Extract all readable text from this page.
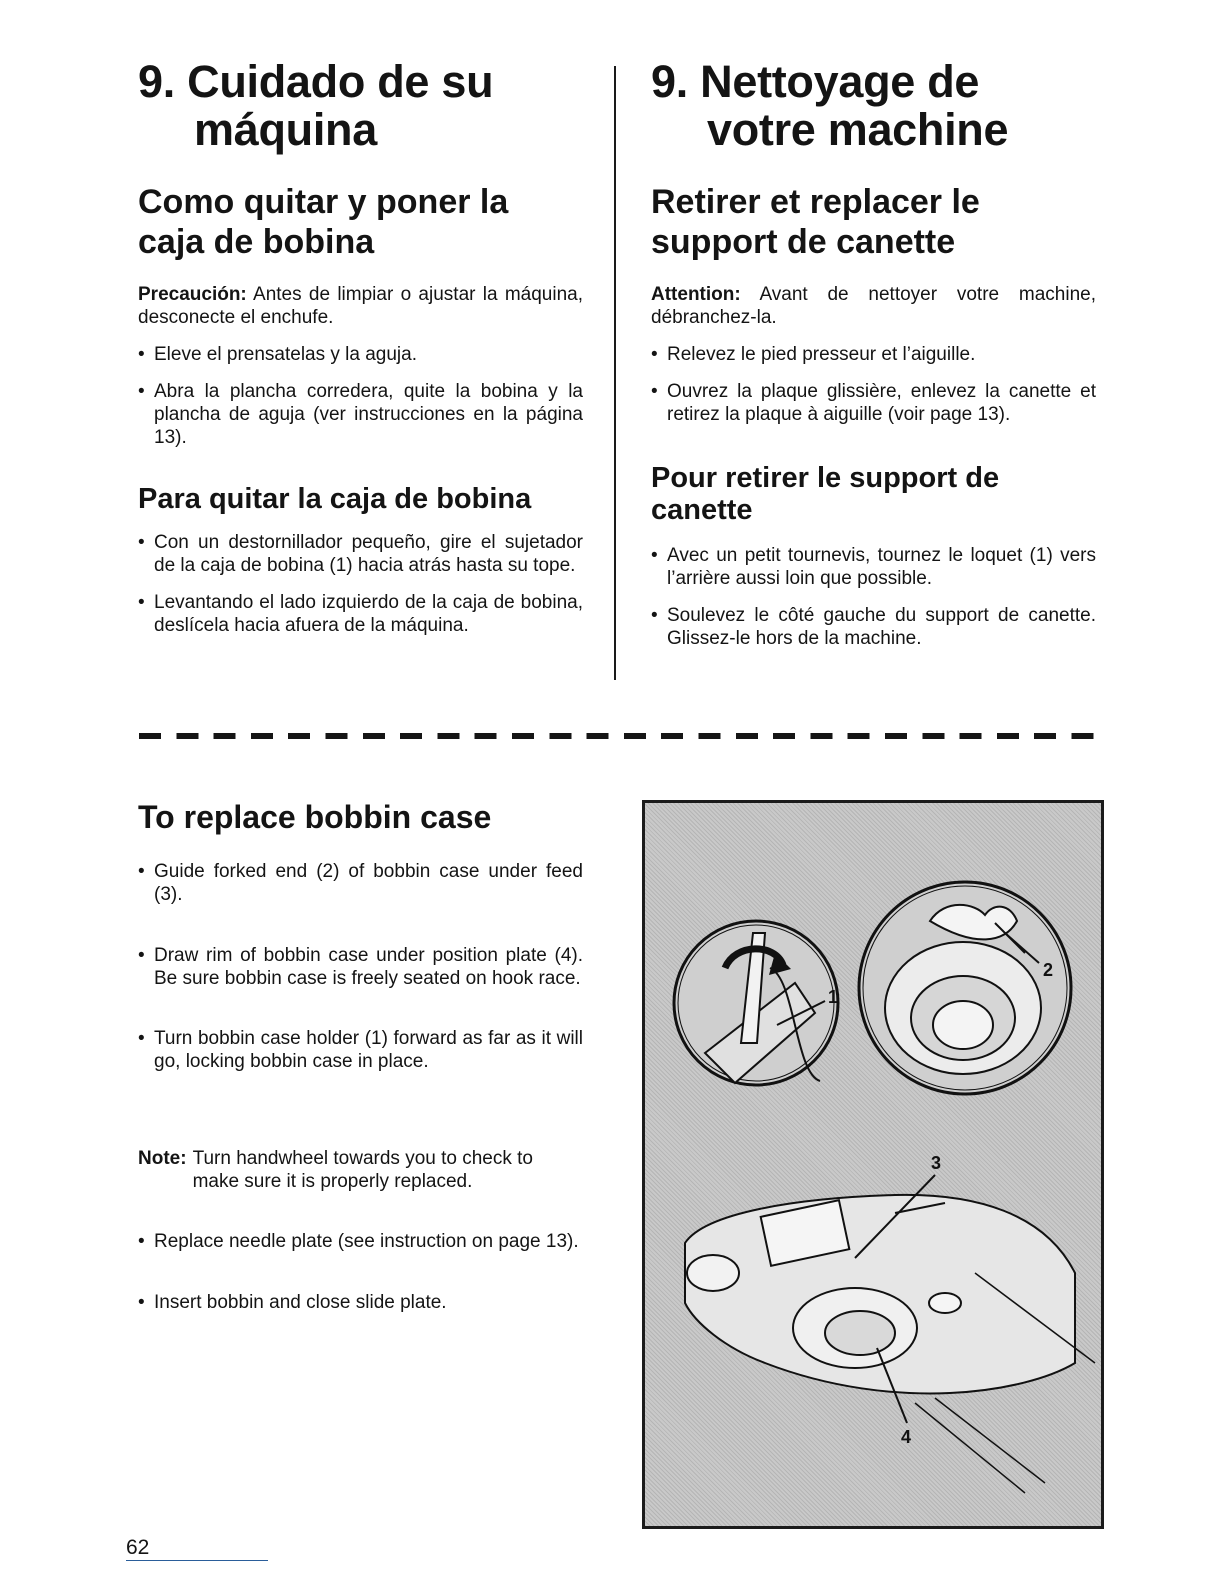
9. Cuidado de su
máquina
Como quitar y poner la caja de bobina

Precaución: Antes de limpiar o ajustar la máquina, desconecte el enchufe.

• Eleve el prensatelas y la aguja.

• Abra la plancha corredera, quite la bobina y la plancha de aguja (ver instrucciones en la página 13).

Para quitar la caja de bobina

• Con un destornillador pequeño, gire el sujetador de la caja de bobina (1) hacia atrás hasta su tope.

• Levantando el lado izquierdo de la caja de bobina, deslícela hacia afuera de la máquina.

9. Nettoyage de
votre machine
Retirer et replacer le support de canette

Attention: Avant de nettoyer votre machine, débranchez-la.

• Relevez le pied presseur et l’aiguille.

• Ouvrez la plaque glissière, enlevez la canette et retirez la plaque à aiguille (voir page 13).

Pour retirer le support de canette

• Avec un petit tournevis, tournez le loquet (1) vers l’arrière aussi loin que possible.

• Soulevez le côté gauche du support de canette. Glissez-le hors de la machine.

To replace bobbin case

• Guide forked end (2) of bobbin case under feed (3).

• Draw rim of bobbin case under position plate (4). Be sure bobbin case is freely seated on hook race.

• Turn bobbin case holder (1) forward as far as it will go, locking bobbin case in place.

Note: Turn handwheel towards you to check to make sure it is properly replaced.

• Replace needle plate (see instruction on page 13).

• Insert bobbin and close slide plate.

1
2
3
4
62
